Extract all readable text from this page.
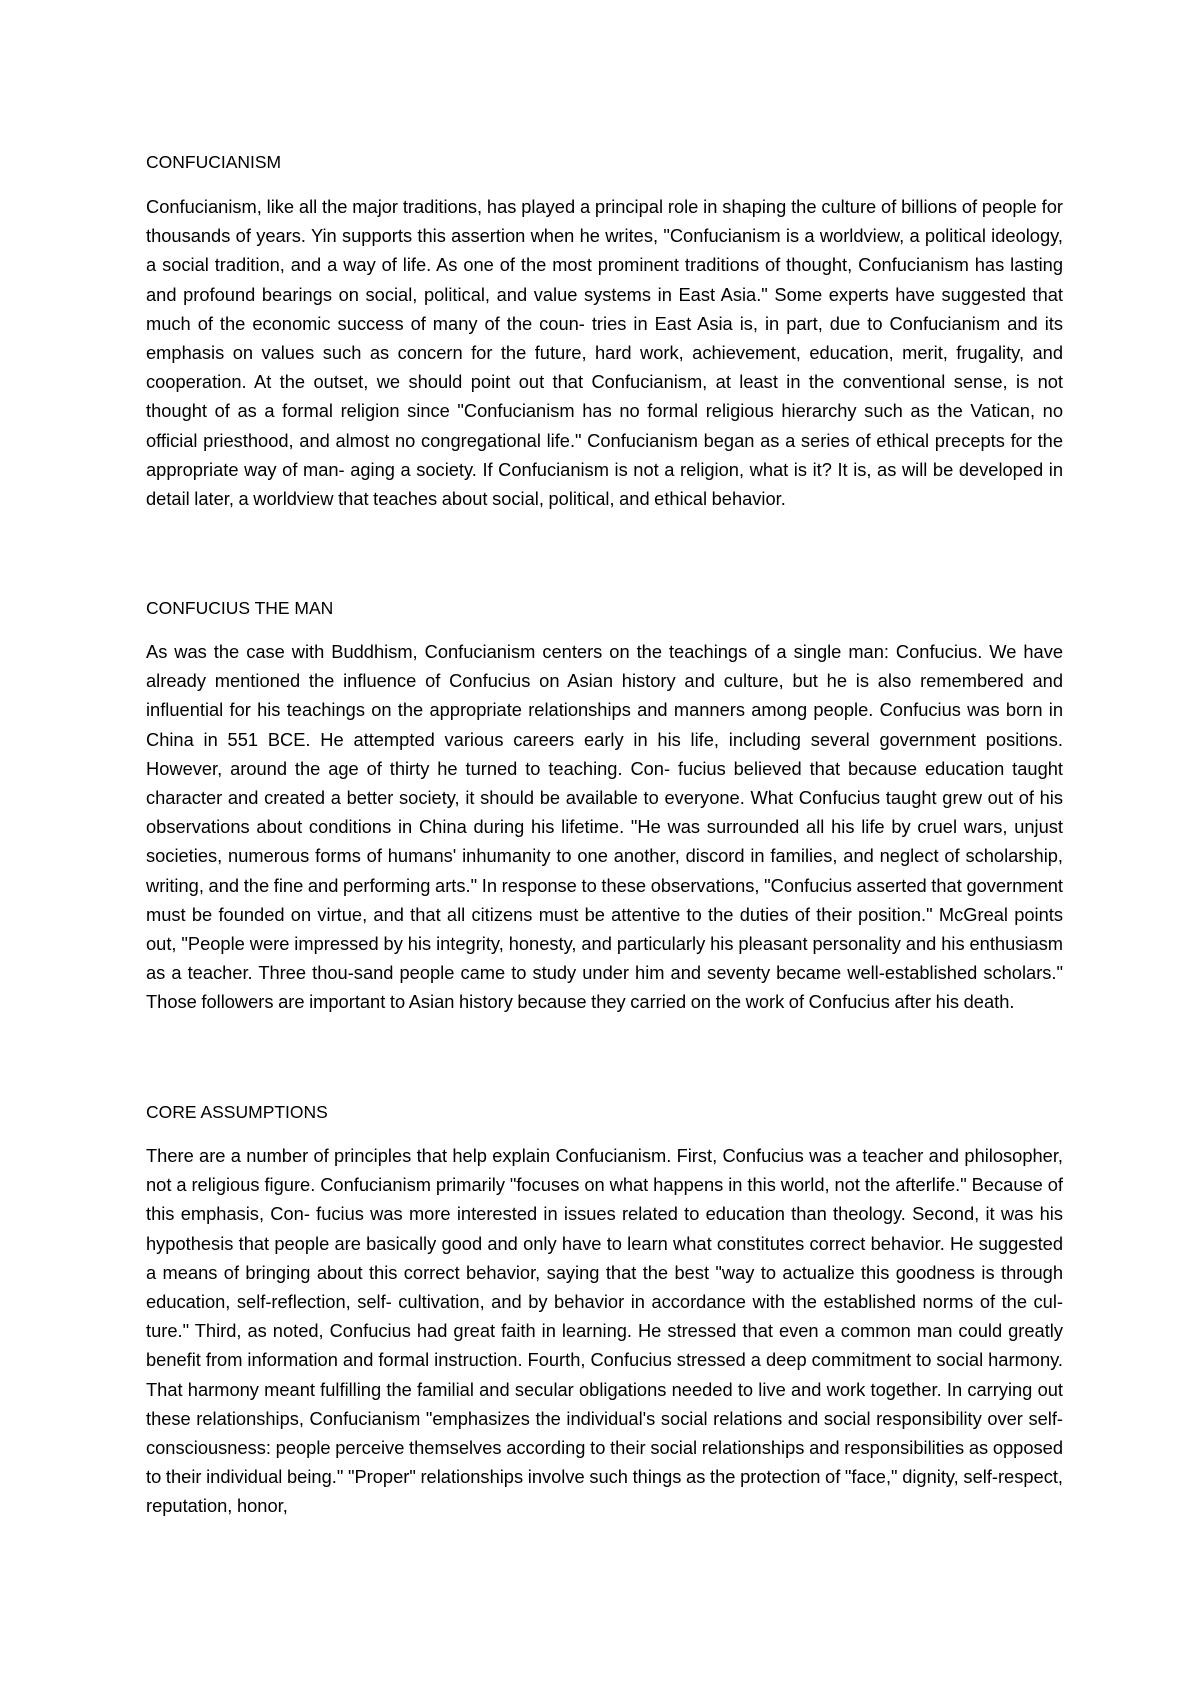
CONFUCIANISM
Confucianism, like all the major traditions, has played a principal role in shaping the culture of billions of people for thousands of years. Yin supports this assertion when he writes, "Confucianism is a worldview, a political ideology, a social tradition, and a way of life. As one of the most prominent traditions of thought, Confucianism has lasting and profound bearings on social, political, and value systems in East Asia." Some experts have suggested that much of the economic success of many of the coun- tries in East Asia is, in part, due to Confucianism and its emphasis on values such as concern for the future, hard work, achievement, education, merit, frugality, and cooperation. At the outset, we should point out that Confucianism, at least in the conventional sense, is not thought of as a formal religion since "Confucianism has no formal religious hierarchy such as the Vatican, no official priesthood, and almost no congregational life." Confucianism began as a series of ethical precepts for the appropriate way of man- aging a society. If Confucianism is not a religion, what is it? It is, as will be developed in detail later, a worldview that teaches about social, political, and ethical behavior.
CONFUCIUS THE MAN
As was the case with Buddhism, Confucianism centers on the teachings of a single man: Confucius. We have already mentioned the influence of Confucius on Asian history and culture, but he is also remembered and influential for his teachings on the appropriate relationships and manners among people. Confucius was born in China in 551 BCE. He attempted various careers early in his life, including several government positions. However, around the age of thirty he turned to teaching. Con- fucius believed that because education taught character and created a better society, it should be available to everyone. What Confucius taught grew out of his observations about conditions in China during his lifetime. "He was surrounded all his life by cruel wars, unjust societies, numerous forms of humans' inhumanity to one another, discord in families, and neglect of scholarship, writing, and the fine and performing arts." In response to these observations, "Confucius asserted that government must be founded on virtue, and that all citizens must be attentive to the duties of their position." McGreal points out, "People were impressed by his integrity, honesty, and particularly his pleasant personality and his enthusiasm as a teacher. Three thou-sand people came to study under him and seventy became well-established scholars." Those followers are important to Asian history because they carried on the work of Confucius after his death.
CORE ASSUMPTIONS
There are a number of principles that help explain Confucianism. First, Confucius was a teacher and philosopher, not a religious figure. Confucianism primarily "focuses on what happens in this world, not the afterlife." Because of this emphasis, Con- fucius was more interested in issues related to education than theology. Second, it was his hypothesis that people are basically good and only have to learn what constitutes correct behavior. He suggested a means of bringing about this correct behavior, saying that the best "way to actualize this goodness is through education, self-reflection, self- cultivation, and by behavior in accordance with the established norms of the cul- ture." Third, as noted, Confucius had great faith in learning. He stressed that even a common man could greatly benefit from information and formal instruction. Fourth, Confucius stressed a deep commitment to social harmony. That harmony meant fulfilling the familial and secular obligations needed to live and work together. In carrying out these relationships, Confucianism "emphasizes the individual's social relations and social responsibility over self-consciousness: people perceive themselves according to their social relationships and responsibilities as opposed to their individual being." "Proper" relationships involve such things as the protection of "face," dignity, self-respect, reputation, honor,
